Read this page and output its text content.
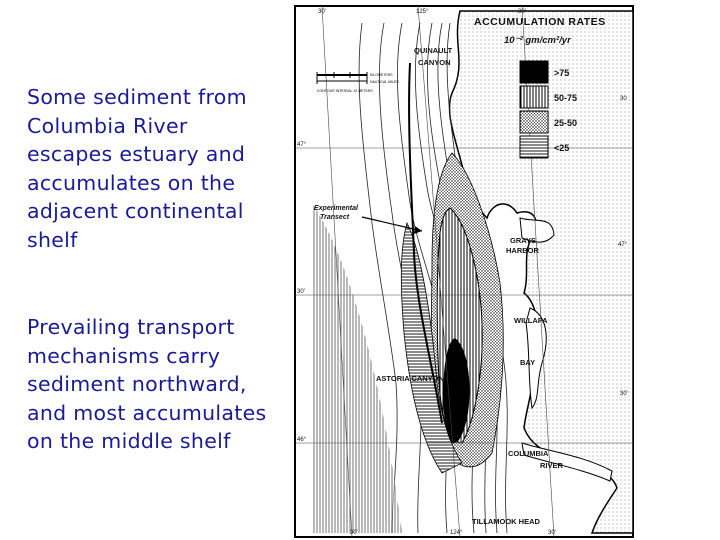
Some sediment from Columbia River escapes estuary and accumulates on the adjacent continental shelf
Prevailing transport mechanisms carry sediment northward, and most accumulates on the middle shelf
ACCUMULATION RATES
10⁻² gm/cm²/yr
>75
50-75
25-50
<25
KILOMETERS
NAUTICAL MILES
CONTOUR INTERVAL 10 METERS
QUINAULT
CANYON
Experimental
Transect
GRAYS
HARBOR
WILLAPA
BAY
ASTORIA CANYON
COLUMBIA
RIVER
TILLAMOOK HEAD
30'	125°	30'
30
47°
47°
30'
30'
46°
30'	124°	30'
